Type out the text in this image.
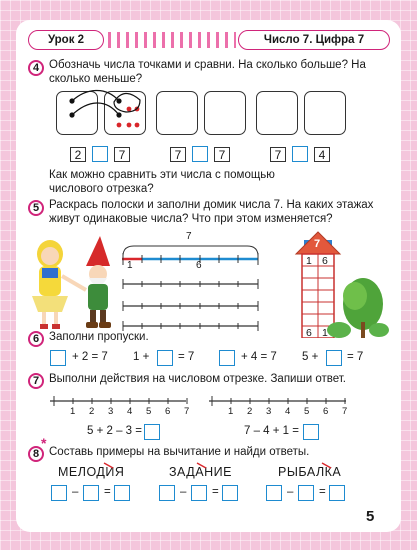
Урок 2	Число 7. Цифра 7
4 Обозначь числа точками и сравни. На сколько больше? На сколько меньше?
2	7	7	7	7	4
Как можно сравнить эти числа с помощью числового отрезка?
5 Раскрась полоски и заполни домик числа 7. На каких этажах живут одинаковые числа? Что при этом изменяется?
7
1	6
7
1 6
6 1
6 Заполни пропуски.
+ 2 = 7 1 + = 7	+ 4 = 7 5 + = 7
7 Выполни действия на числовом отрезке. Запиши ответ.
1 2 3 4 5 6 7	1 2 3 4 5 6 7
5 + 2 – 3 =	7 – 4 + 1 =
8
*
Составь примеры на вычитание и найди ответы.
МЕЛОДИЯ	ЗАДАНИЕ	РЫБАЛКА
– =	– =	– =
5
